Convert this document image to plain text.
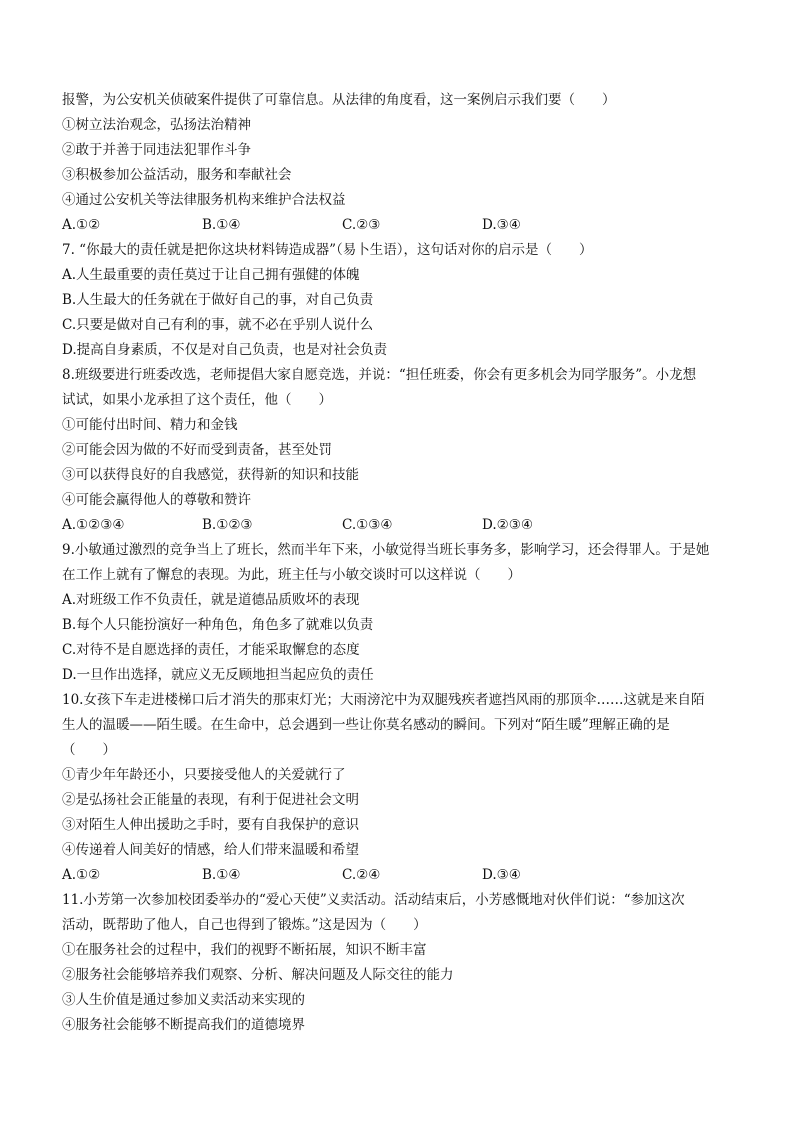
报警，为公安机关侦破案件提供了可靠信息。从法律的角度看，这一案例启示我们要（　　）
①树立法治观念，弘扬法治精神
②敢于并善于同违法犯罪作斗争
③积极参加公益活动，服务和奉献社会
④通过公安机关等法律服务机构来维护合法权益
A.①②	B.①④	C.②③	D.③④
7. “你最大的责任就是把你这块材料铸造成器”（易卜生语），这句话对你的启示是（　　）
A.人生最重要的责任莫过于让自己拥有强健的体魄
B.人生最大的任务就在于做好自己的事，对自己负责
C.只要是做对自己有利的事，就不必在乎别人说什么
D.提高自身素质，不仅是对自己负责，也是对社会负责
8.班级要进行班委改选，老师提倡大家自愿竞选，并说：“担任班委，你会有更多机会为同学服务”。小龙想
试试，如果小龙承担了这个责任，他（　　）
①可能付出时间、精力和金钱
②可能会因为做的不好而受到责备，甚至处罚
③可以获得良好的自我感觉，获得新的知识和技能
④可能会赢得他人的尊敬和赞许
A.①②③④	B.①②③	C.①③④	D.②③④
9.小敏通过激烈的竞争当上了班长，然而半年下来，小敏觉得当班长事务多，影响学习，还会得罪人。于是她
在工作上就有了懈怠的表现。为此，班主任与小敏交谈时可以这样说（　　）
A.对班级工作不负责任，就是道德品质败坏的表现
B.每个人只能扮演好一种角色，角色多了就难以负责
C.对待不是自愿选择的责任，才能采取懈怠的态度
D.一旦作出选择，就应义无反顾地担当起应负的责任
10.女孩下车走进楼梯口后才消失的那束灯光；大雨滂沱中为双腿残疾者遮挡风雨的那顶伞……这就是来自陌
生人的温暖——陌生暖。在生命中，总会遇到一些让你莫名感动的瞬间。下列对“陌生暖”理解正确的是
（　　）
①青少年年龄还小，只要接受他人的关爱就行了
②是弘扬社会正能量的表现，有利于促进社会文明
③对陌生人伸出援助之手时，要有自我保护的意识
④传递着人间美好的情感，给人们带来温暖和希望
A.①②	B.①④	C.②④	D.③④
11.小芳第一次参加校团委举办的“爱心天使”义卖活动。活动结束后，小芳感慨地对伙伴们说：“参加这次
活动，既帮助了他人，自己也得到了锻炼。”这是因为（　　）
①在服务社会的过程中，我们的视野不断拓展，知识不断丰富
②服务社会能够培养我们观察、分析、解决问题及人际交往的能力
③人生价值是通过参加义卖活动来实现的
④服务社会能够不断提高我们的道德境界
